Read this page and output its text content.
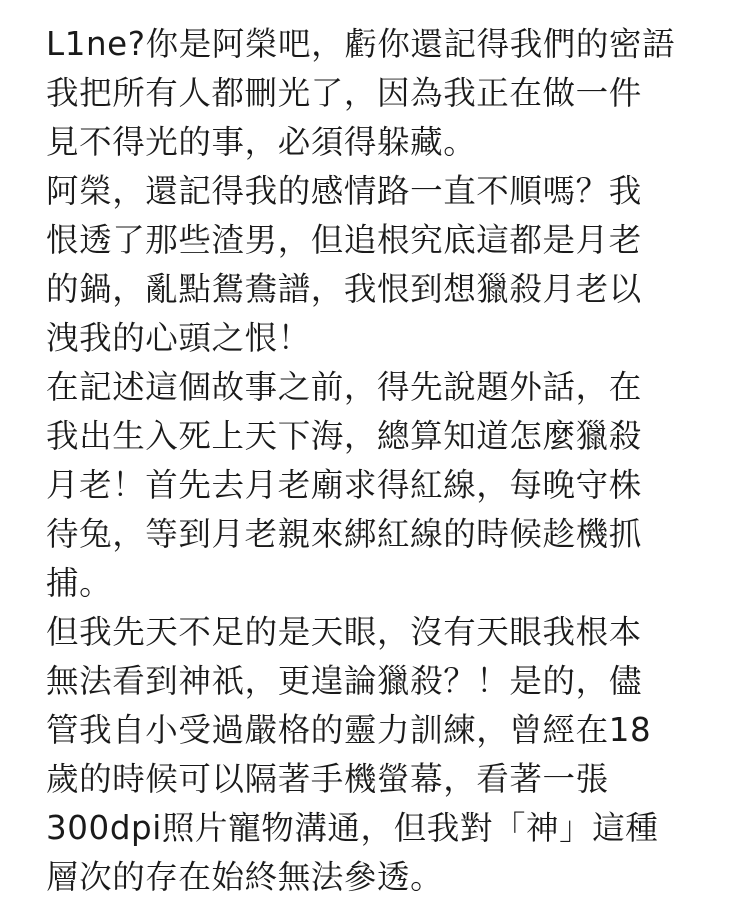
L1ne?你是阿榮吧，虧你還記得我們的密語
我把所有人都刪光了，因為我正在做一件
見不得光的事，必須得躲藏。
阿榮，還記得我的感情路一直不順嗎？我
恨透了那些渣男，但追根究底這都是月老
的鍋，亂點鴛鴦譜，我恨到想獵殺月老以
洩我的心頭之恨！
在記述這個故事之前，得先說題外話，在
我出生入死上天下海，總算知道怎麼獵殺
月老！首先去月老廟求得紅線，每晚守株
待兔，等到月老親來綁紅線的時候趁機抓
捕。
但我先天不足的是天眼，沒有天眼我根本
無法看到神祇，更遑論獵殺？！是的，儘
管我自小受過嚴格的靈力訓練，曾經在18
歲的時候可以隔著手機螢幕，看著一張
300dpi照片寵物溝通，但我對「神」這種
層次的存在始終無法參透。
